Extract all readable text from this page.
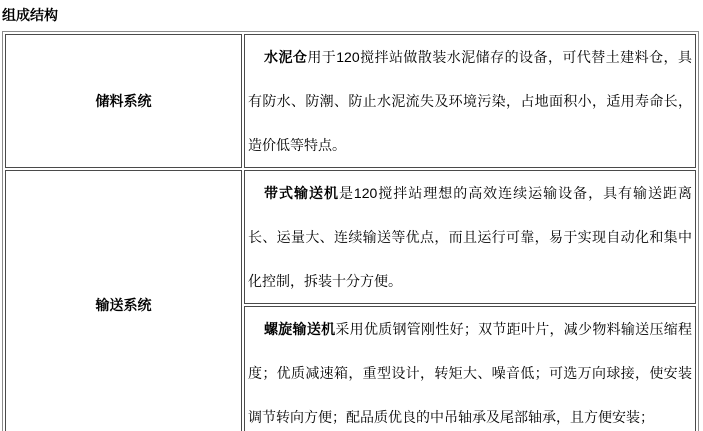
组成结构
储料系统	水泥仓用于120搅拌站做散装水泥储存的设备，可代替土建料仓，具有防水、防潮、防止水泥流失及环境污染，占地面积小，适用寿命长，造价低等特点。
输送系统	带式输送机是120搅拌站理想的高效连续运输设备，具有输送距离长、运量大、连续输送等优点，而且运行可靠，易于实现自动化和集中化控制，拆装十分方便。
	螺旋输送机采用优质钢管刚性好；双节距叶片，减少物料输送压缩程度；优质减速箱，重型设计，转矩大、噪音低；可选万向球接，使安装调节转向方便；配品质优良的中吊轴承及尾部轴承，且方便安装；
